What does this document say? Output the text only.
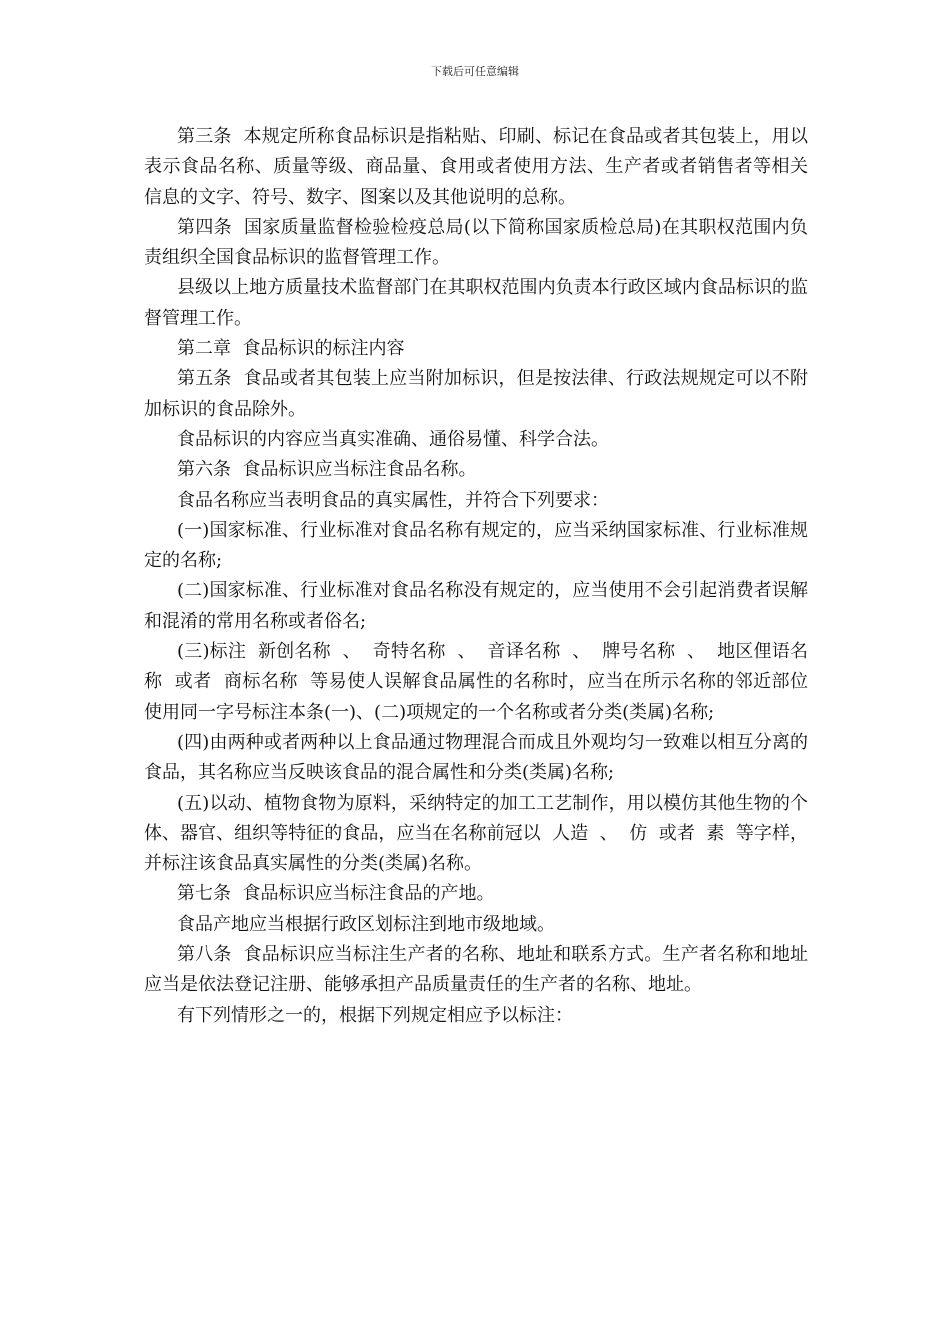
下载后可任意编辑

第三条  本规定所称食品标识是指粘贴、印刷、标记在食品或者其包装上，用以表示食品名称、质量等级、商品量、食用或者使用方法、生产者或者销售者等相关信息的文字、符号、数字、图案以及其他说明的总称。

第四条  国家质量监督检验检疫总局(以下简称国家质检总局)在其职权范围内负责组织全国食品标识的监督管理工作。

县级以上地方质量技术监督部门在其职权范围内负责本行政区域内食品标识的监督管理工作。

第二章  食品标识的标注内容

第五条  食品或者其包装上应当附加标识，但是按法律、行政法规规定可以不附加标识的食品除外。

食品标识的内容应当真实准确、通俗易懂、科学合法。

第六条  食品标识应当标注食品名称。

食品名称应当表明食品的真实属性，并符合下列要求：

(一)国家标准、行业标准对食品名称有规定的，应当采纳国家标准、行业标准规定的名称;

(二)国家标准、行业标准对食品名称没有规定的，应当使用不会引起消费者误解和混淆的常用名称或者俗名;

(三)标注  新创名称  、  奇特名称  、  音译名称  、  牌号名称  、  地区俚语名称  或者  商标名称  等易使人误解食品属性的名称时，应当在所示名称的邻近部位使用同一字号标注本条(一)、(二)项规定的一个名称或者分类(类属)名称;

(四)由两种或者两种以上食品通过物理混合而成且外观均匀一致难以相互分离的食品，其名称应当反映该食品的混合属性和分类(类属)名称;

(五)以动、植物食物为原料，采纳特定的加工工艺制作，用以模仿其他生物的个体、器官、组织等特征的食品，应当在名称前冠以  人造  、  仿  或者  素  等字样，并标注该食品真实属性的分类(类属)名称。

第七条  食品标识应当标注食品的产地。

食品产地应当根据行政区划标注到地市级地域。

第八条  食品标识应当标注生产者的名称、地址和联系方式。生产者名称和地址应当是依法登记注册、能够承担产品质量责任的生产者的名称、地址。

有下列情形之一的，根据下列规定相应予以标注：
